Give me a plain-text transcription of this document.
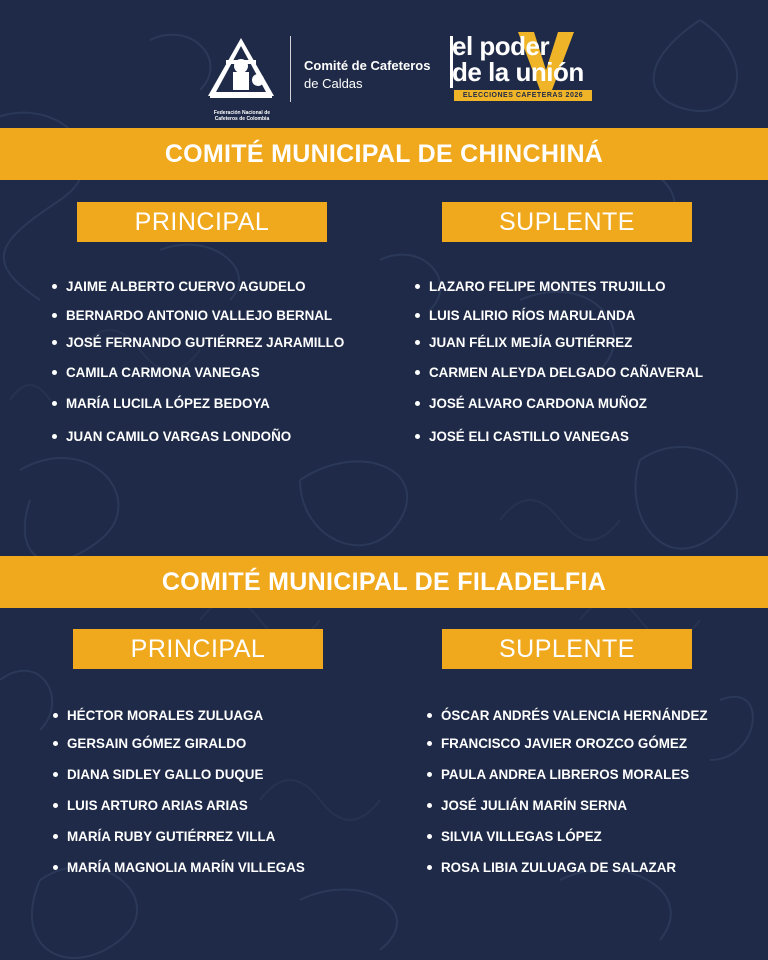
Federación Nacional de
Cafeteros de Colombia
Comité de Cafeteros
de Caldas
el poder
de la unión
ELECCIONES CAFETERAS 2026
COMITÉ MUNICIPAL DE CHINCHINÁ
PRINCIPAL	SUPLENTE
JAIME ALBERTO CUERVO AGUDELO
BERNARDO ANTONIO VALLEJO BERNAL
JOSÉ FERNANDO GUTIÉRREZ JARAMILLO
CAMILA CARMONA VANEGAS
MARÍA LUCILA LÓPEZ BEDOYA
JUAN CAMILO VARGAS LONDOÑO
LAZARO FELIPE MONTES TRUJILLO
LUIS ALIRIO RÍOS MARULANDA
JUAN FÉLIX MEJÍA GUTIÉRREZ
CARMEN ALEYDA DELGADO CAÑAVERAL
JOSÉ ALVARO CARDONA MUÑOZ
JOSÉ ELI CASTILLO VANEGAS
COMITÉ MUNICIPAL DE FILADELFIA
PRINCIPAL	SUPLENTE
HÉCTOR MORALES ZULUAGA
GERSAIN GÓMEZ GIRALDO
DIANA SIDLEY GALLO DUQUE
LUIS ARTURO ARIAS ARIAS
MARÍA RUBY GUTIÉRREZ VILLA
MARÍA MAGNOLIA MARÍN VILLEGAS
ÓSCAR ANDRÉS VALENCIA HERNÁNDEZ
FRANCISCO JAVIER OROZCO GÓMEZ
PAULA ANDREA LIBREROS MORALES
JOSÉ JULIÁN MARÍN SERNA
SILVIA VILLEGAS LÓPEZ
ROSA LIBIA ZULUAGA DE SALAZAR
